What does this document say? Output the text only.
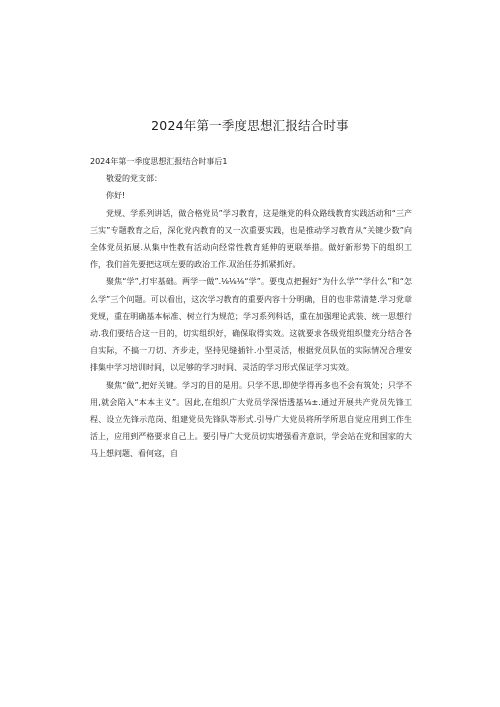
2024年第一季度思想汇报结合时事

2024年第一季度思想汇报结合时事后1

敬爱的党支部：

你好!

党规、学系列讲话，做合格党员”学习教育，这是继党的科众路线教育实践活动和“三产三实”专题教育之后，深化党内教育的又一次重要实践，也是推动学习教育从“关键少数”向全体党员拓展.从集中性教有活动向经常性教育延伸的更联举措。做好新形势下的组织工作，我们首先要把这项左要的政冶工作.双治任芬抓紧抓好。

聚焦“学”,打牢基础。两学一做”.⅛⅛⅛“学”。要曳点把握好“为什么学”“学什么”和“怎么学”三个问题。可以看出，这次学习教育的重要内容十分明确，目的也非常清楚.学习党章党规，重在明确基本标准、树立行为规范；学习系列科话，重在加强理论武装、统一思想行动.我们要结合这一目的，切实组织好，确保取得实效。这就要求各级党组织璧充分结合各自实际，不搞一刀切、齐步走，坚持见缝插针.小型灵活，根据党员队伍的实际情况合理安排集中学习培训时间，以足够的学习时间、灵活的学习形式保证学习实效。

聚焦“做”,把好关键。学习的目的是用。只学不思,即使学得再多也不会有筑处；只学不用,就会陷入“本本主义”。因此,在组织广大党员学深悟透基⅛±.通过开展共产党员先锋工程、设立先锋示范岗、组建党员先锋队等形式.引导广大党员将所学所思自觉应用到工作生活上，应用到严格要求自己上。要引导广大党员切实增强看齐意识，学会站在党和国家的大马上想问题、看何寇，自
